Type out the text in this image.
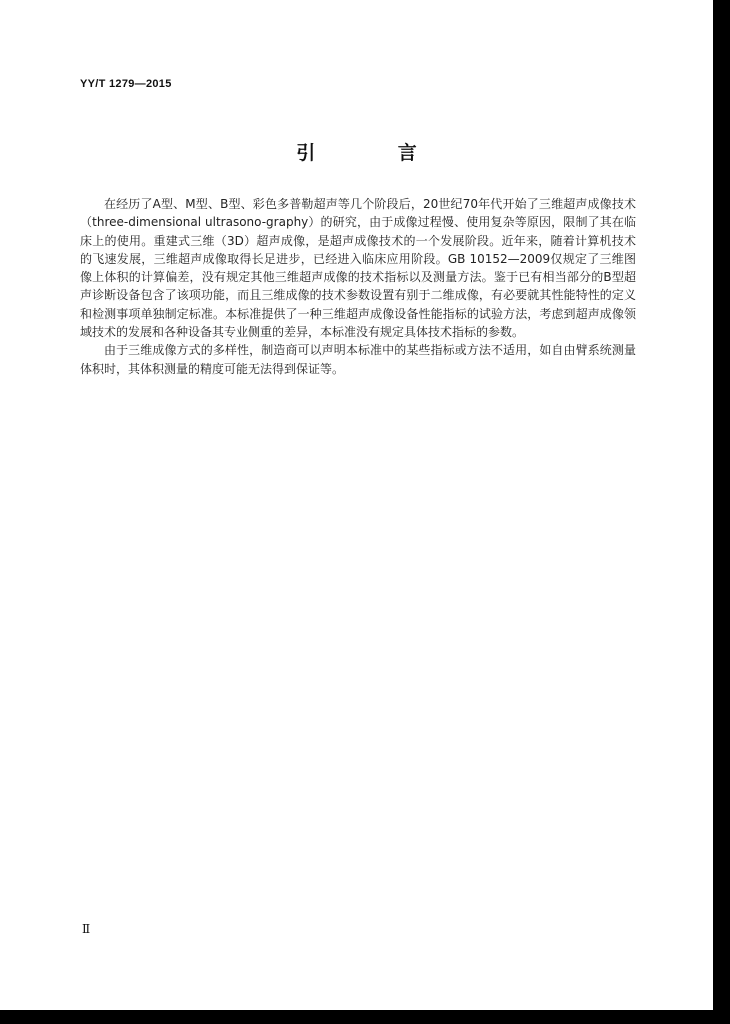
YY/T 1279—2015
引 言

在经历了A型、M型、B型、彩色多普勒超声等几个阶段后，20世纪70年代开始了三维超声成像技术（three-dimensional ultrasono-graphy）的研究，由于成像过程慢、使用复杂等原因，限制了其在临床上的使用。重建式三维（3D）超声成像，是超声成像技术的一个发展阶段。近年来，随着计算机技术的飞速发展，三维超声成像取得长足进步，已经进入临床应用阶段。GB 10152—2009仅规定了三维图像上体积的计算偏差，没有规定其他三维超声成像的技术指标以及测量方法。鉴于已有相当部分的B型超声诊断设备包含了该项功能，而且三维成像的技术参数设置有别于二维成像，有必要就其性能特性的定义和检测事项单独制定标准。本标准提供了一种三维超声成像设备性能指标的试验方法，考虑到超声成像领域技术的发展和各种设备其专业侧重的差异，本标准没有规定具体技术指标的参数。

由于三维成像方式的多样性，制造商可以声明本标准中的某些指标或方法不适用，如自由臂系统测量体积时，其体积测量的精度可能无法得到保证等。

Ⅱ
